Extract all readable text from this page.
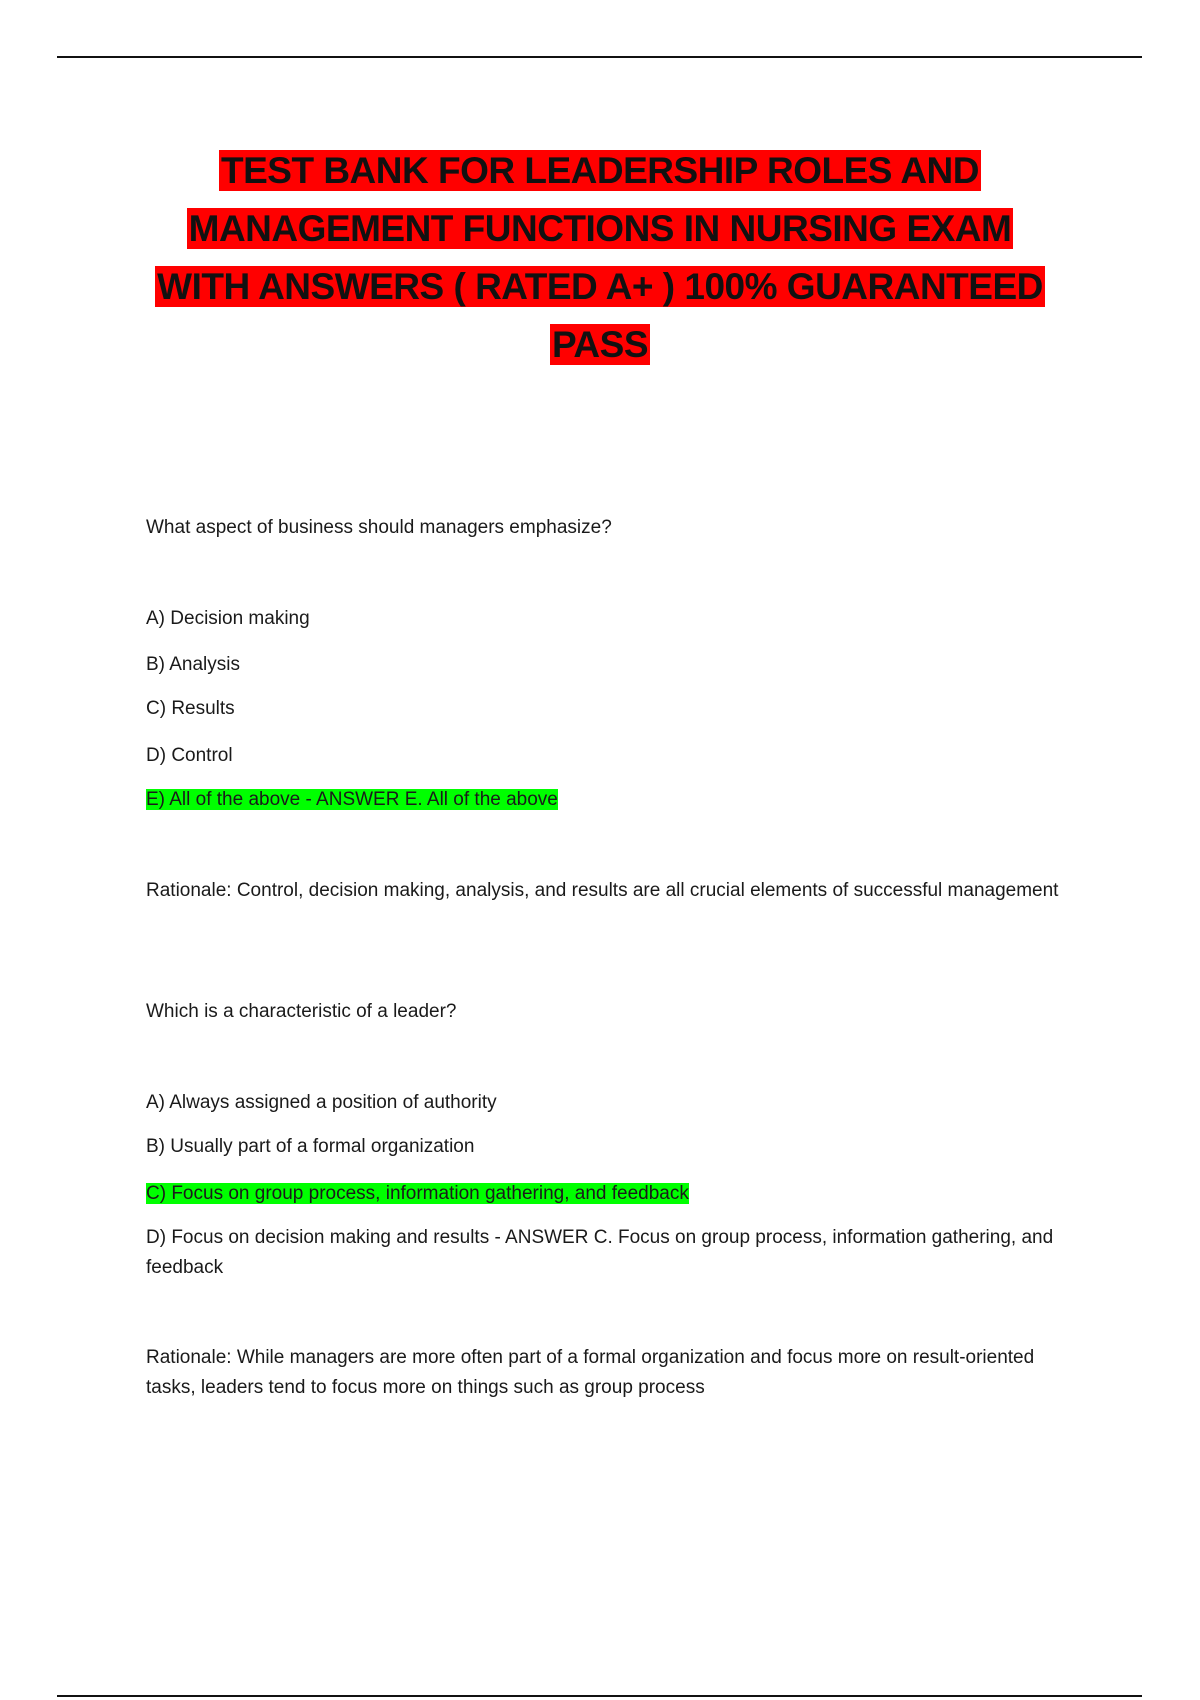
TEST BANK FOR LEADERSHIP ROLES AND
MANAGEMENT FUNCTIONS IN NURSING EXAM
WITH ANSWERS ( RATED A+ ) 100% GUARANTEED
PASS
What aspect of business should managers emphasize?
A) Decision making
B) Analysis
C) Results
D) Control
E) All of the above - ANSWER E. All of the above
Rationale: Control, decision making, analysis, and results are all crucial elements of successful management
Which is a characteristic of a leader?
A) Always assigned a position of authority
B) Usually part of a formal organization
C) Focus on group process, information gathering, and feedback
D) Focus on decision making and results - ANSWER C. Focus on group process, information gathering, and feedback
Rationale: While managers are more often part of a formal organization and focus more on result-oriented tasks, leaders tend to focus more on things such as group process
